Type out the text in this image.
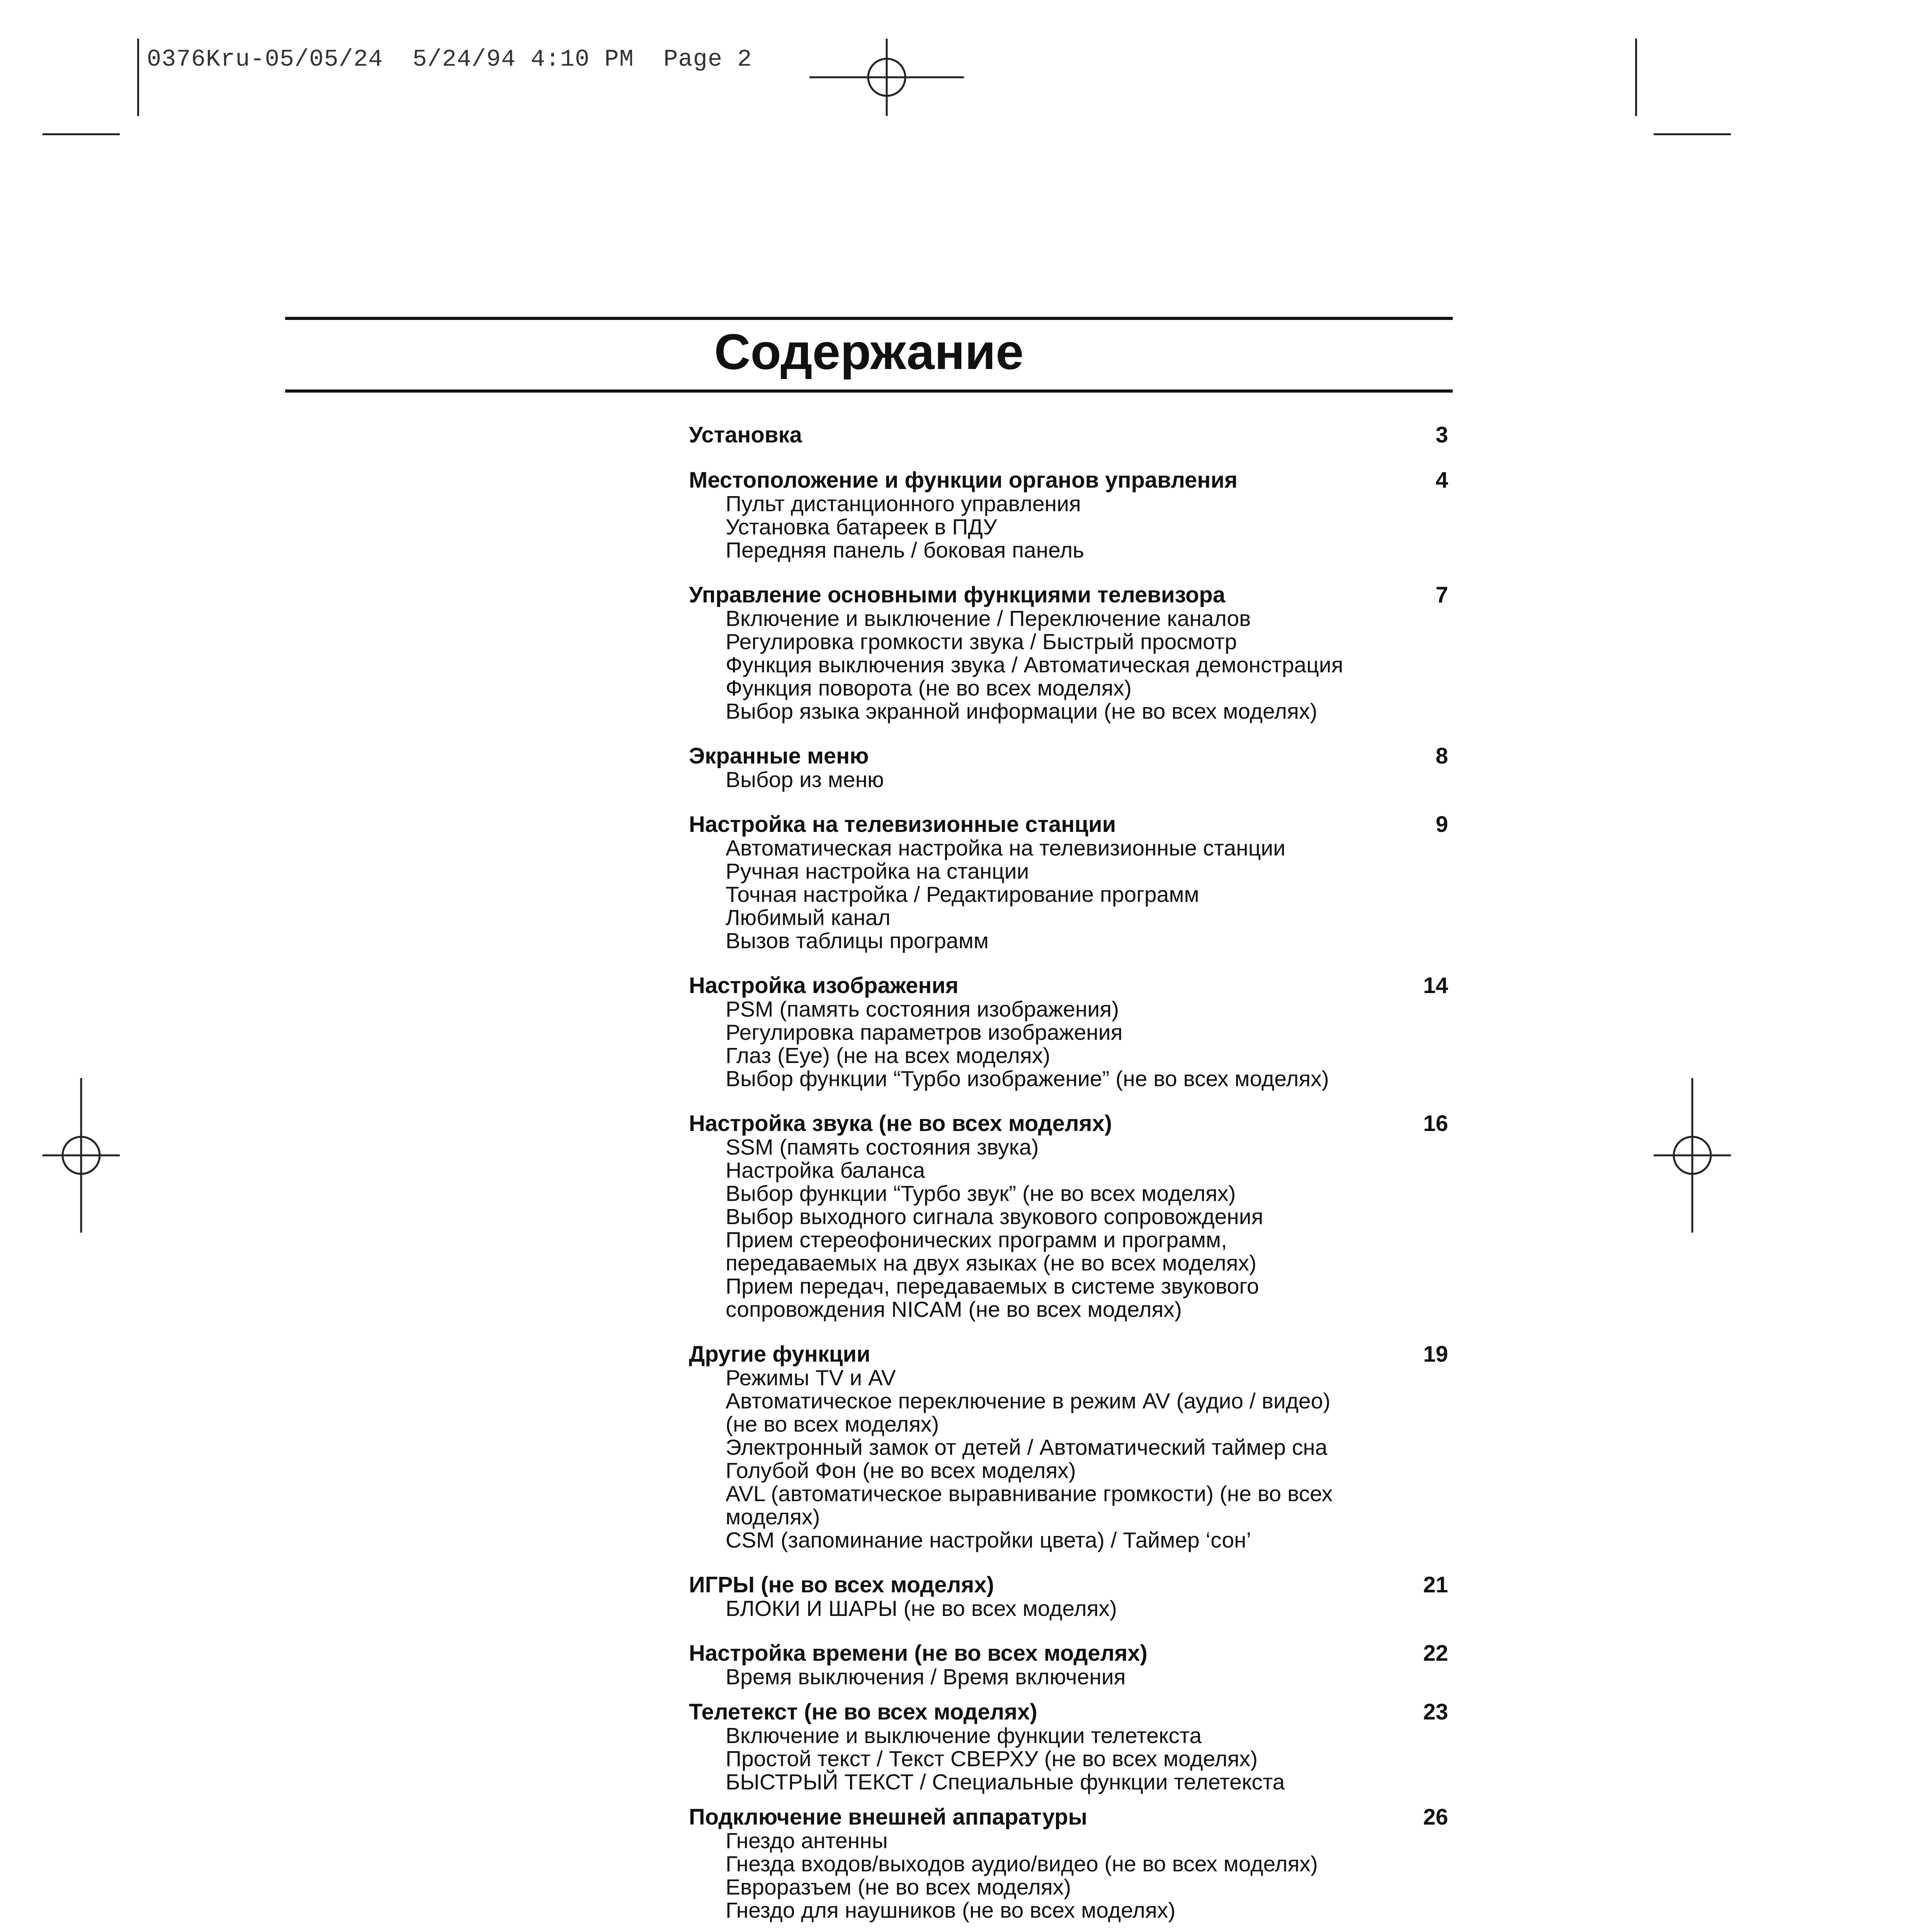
0376Kru-05/05/24  5/24/94 4:10 PM  Page 2
Содержание
Установка	3
Местоположение и функции органов управления	4
Пульт дистанционного управления
Установка батареек в ПДУ
Передняя панель / боковая панель
Управление основными функциями телевизора	7
Включение и выключение / Переключение каналов
Регулировка громкости звука / Быстрый просмотр
Функция выключения звука / Автоматическая демонстрация
Функция поворота (не во всех моделях)
Выбор языка экранной информации (не во всех моделях)
Экранные меню	8
Выбор из меню
Настройка на телевизионные станции	9
Автоматическая настройка на телевизионные станции
Ручная настройка на станции
Точная настройка / Редактирование программ
Любимый канал
Вызов таблицы программ
Настройка изображения	14
PSM (память состояния изображения)
Регулировка параметров изображения
Глаз (Eye) (не на всех моделях)
Выбор функции “Турбо изображение” (не во всех моделях)
Настройка звука (не во всех моделях)	16
SSM (память состояния звука)
Настройка баланса
Выбор функции “Турбо звук” (не во всех моделях)
Выбор выходного сигнала звукового сопровождения
Прием стереофонических программ и программ,
передаваемых на двух языках (не во всех моделях)
Прием передач, передаваемых в системе звукового
сопровождения NICAM (не во всех моделях)
Другие функции	19
Режимы TV и AV
Автоматическое переключение в режим AV (аудио / видео)
(не во всех моделях)
Электронный замок от детей / Автоматический таймер сна
Голубой Фон (не во всех моделях)
AVL (автоматическое выравнивание громкости) (не во всех
моделях)
CSM (запоминание настройки цвета) / Таймер ‘сон’
ИГРЫ (не во всех моделях)	21
БЛОКИ И ШАРЫ (не во всех моделях)
Настройка времени (не во всех моделях)	22
Время выключения / Время включения
Телетекст (не во всех моделях)	23
Включение и выключение функции телетекста
Простой текст / Текст СВЕРХУ (не во всех моделях)
БЫСТРЫЙ ТЕКСТ / Специальные функции телетекста
Подключение внешней аппаратуры	26
Гнездо антенны
Гнезда входов/выходов аудио/видео (не во всех моделях)
Евроразъем (не во всех моделях)
Гнездо для наушников (не во всех моделях)
